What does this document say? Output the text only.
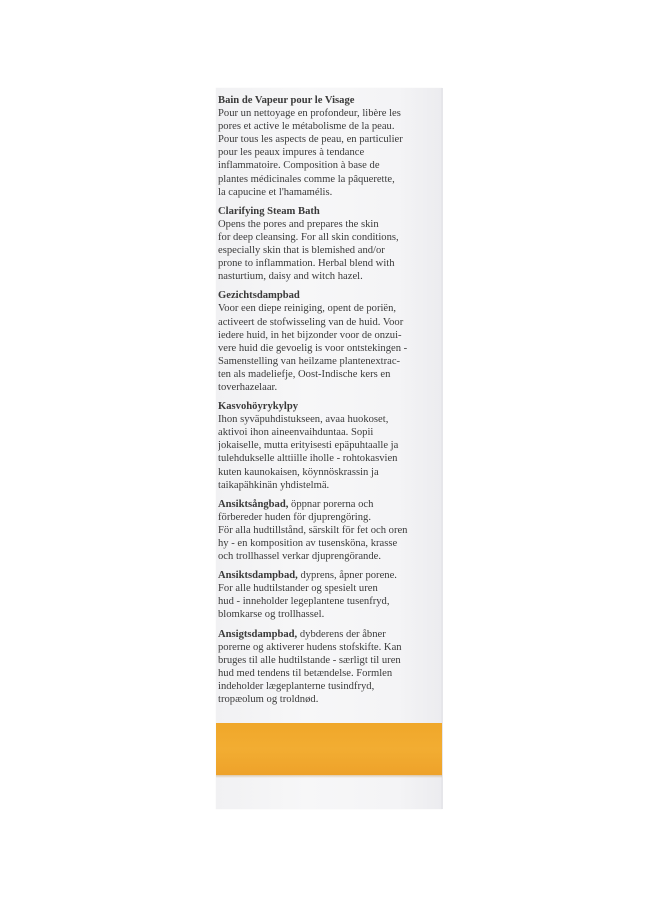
Bain de Vapeur pour le Visage
Pour un nettoyage en profondeur, libère les
pores et active le métabolisme de la peau.
Pour tous les aspects de peau, en particulier
pour les peaux impures à tendance
inflammatoire. Composition à base de
plantes médicinales comme la pâquerette,
la capucine et l'hamamélis.
Clarifying Steam Bath
Opens the pores and prepares the skin
for deep cleansing. For all skin conditions,
especially skin that is blemished and/or
prone to inflammation. Herbal blend with
nasturtium, daisy and witch hazel.
Gezichtsdampbad
Voor een diepe reiniging, opent de poriën,
activeert de stofwisseling van de huid. Voor
iedere huid, in het bijzonder voor de onzui-
vere huid die gevoelig is voor ontstekingen -
Samenstelling van heilzame plantenextrac-
ten als madeliefje, Oost-Indische kers en
toverhazelaar.
Kasvohöyrykylpy
Ihon syväpuhdistukseen, avaa huokoset,
aktivoi ihon aineenvaihduntaa. Sopii
jokaiselle, mutta erityisesti epäpuhtaalle ja
tulehdukselle alttiille iholle - rohtokasvien
kuten kaunokaisen, köynnöskrassin ja
taikapähkinän yhdistelmä.
Ansiktsångbad, öppnar porerna och
förbereder huden för djuprengöring.
För alla hudtillstånd, särskilt för fet och oren
hy - en komposition av tusensköna, krasse
och trollhassel verkar djuprengörande.
Ansiktsdampbad, dyprens, åpner porene.
For alle hudtilstander og spesielt uren
hud - inneholder legeplantene tusenfryd,
blomkarse og trollhassel.
Ansigtsdampbad, dybderens der åbner
porerne og aktiverer hudens stofskifte. Kan
bruges til alle hudtilstande - særligt til uren
hud med tendens til betændelse. Formlen
indeholder lægeplanterne tusindfryd,
tropæolum og troldnød.
